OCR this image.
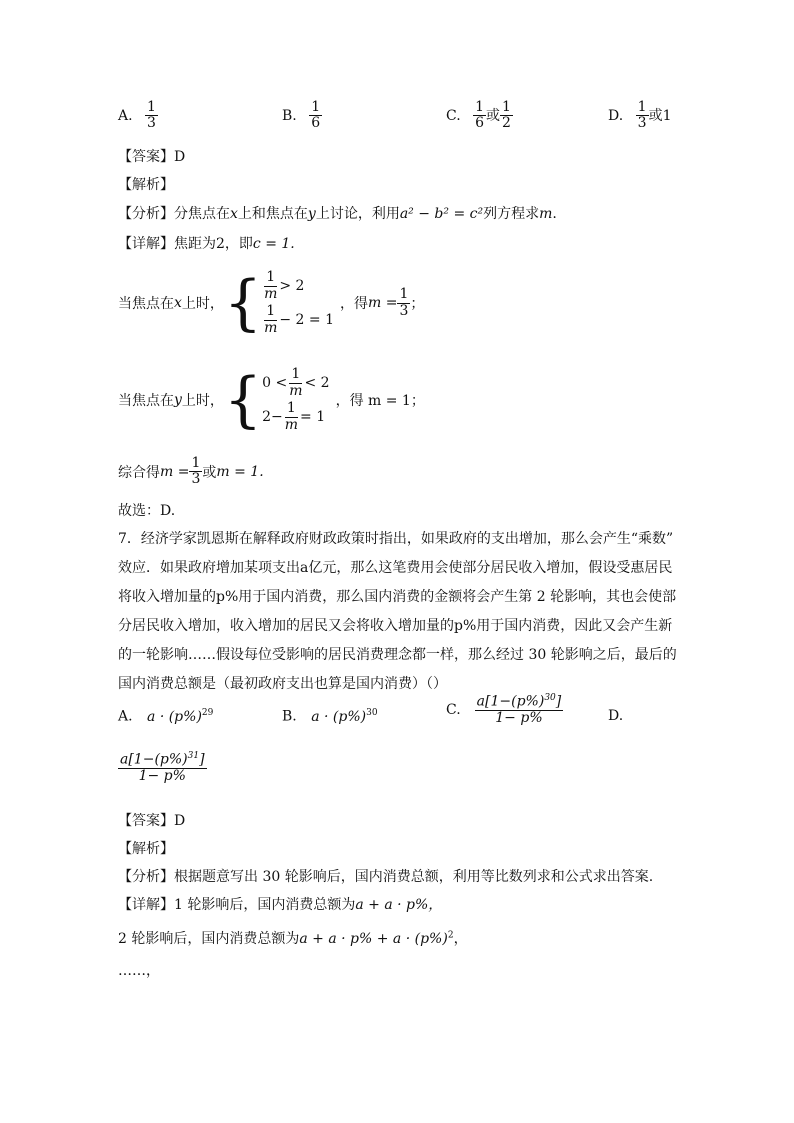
A. $\frac{1}{3}$	B. $\frac{1}{6}$	C. $\frac{1}{6}$ 或 $\frac{1}{2}$	D. $\frac{1}{3}$ 或1
【答案】D
【解析】
【分析】分焦点在x上和焦点在y上讨论，利用a² − b² = c²列方程求m.
【详解】焦距为2，即c = 1.
当焦点在 x 上时， { $\frac{1}{m} > 2$
$\frac{1}{m} - 2 = 1$
，得 $m = \frac{1}{3}$ ；
当焦点在 y 上时， { $0 < \frac{1}{m} < 2$
$2- \frac{1}{m} = 1$
，得 m = 1；
综合得 $m = \frac{1}{3}$ 或 m = 1.
故选：D.
7．经济学家凯恩斯在解释政府财政政策时指出，如果政府的支出增加，那么会产生“乘数”
效应．如果政府增加某项支出a亿元，那么这笔费用会使部分居民收入增加，假设受惠居民
将收入增加量的p%用于国内消费，那么国内消费的金额将会产生第 2 轮影响，其也会使部
分居民收入增加，收入增加的居民又会将收入增加量的p%用于国内消费，因此又会产生新
的一轮影响……假设每位受影响的居民消费理念都一样，那么经过 30 轮影响之后，最后的
国内消费总额是（最初政府支出也算是国内消费）（）
A. $a \cdot (p\%)^{29}$	B. $a \cdot (p\%)^{30}$	C. $\frac{a[1-(p\%)^{30}]}{1- p\%}$	D.
$\frac{a[1-(p\%)^{31}]}{1- p\%}$
【答案】D
【解析】
【分析】根据题意写出 30 轮影响后，国内消费总额，利用等比数列求和公式求出答案.
【详解】1 轮影响后，国内消费总额为a + a · p%，
2 轮影响后，国内消费总额为$a + a \cdot p\% + a \cdot (p\%)^2$，
……，
